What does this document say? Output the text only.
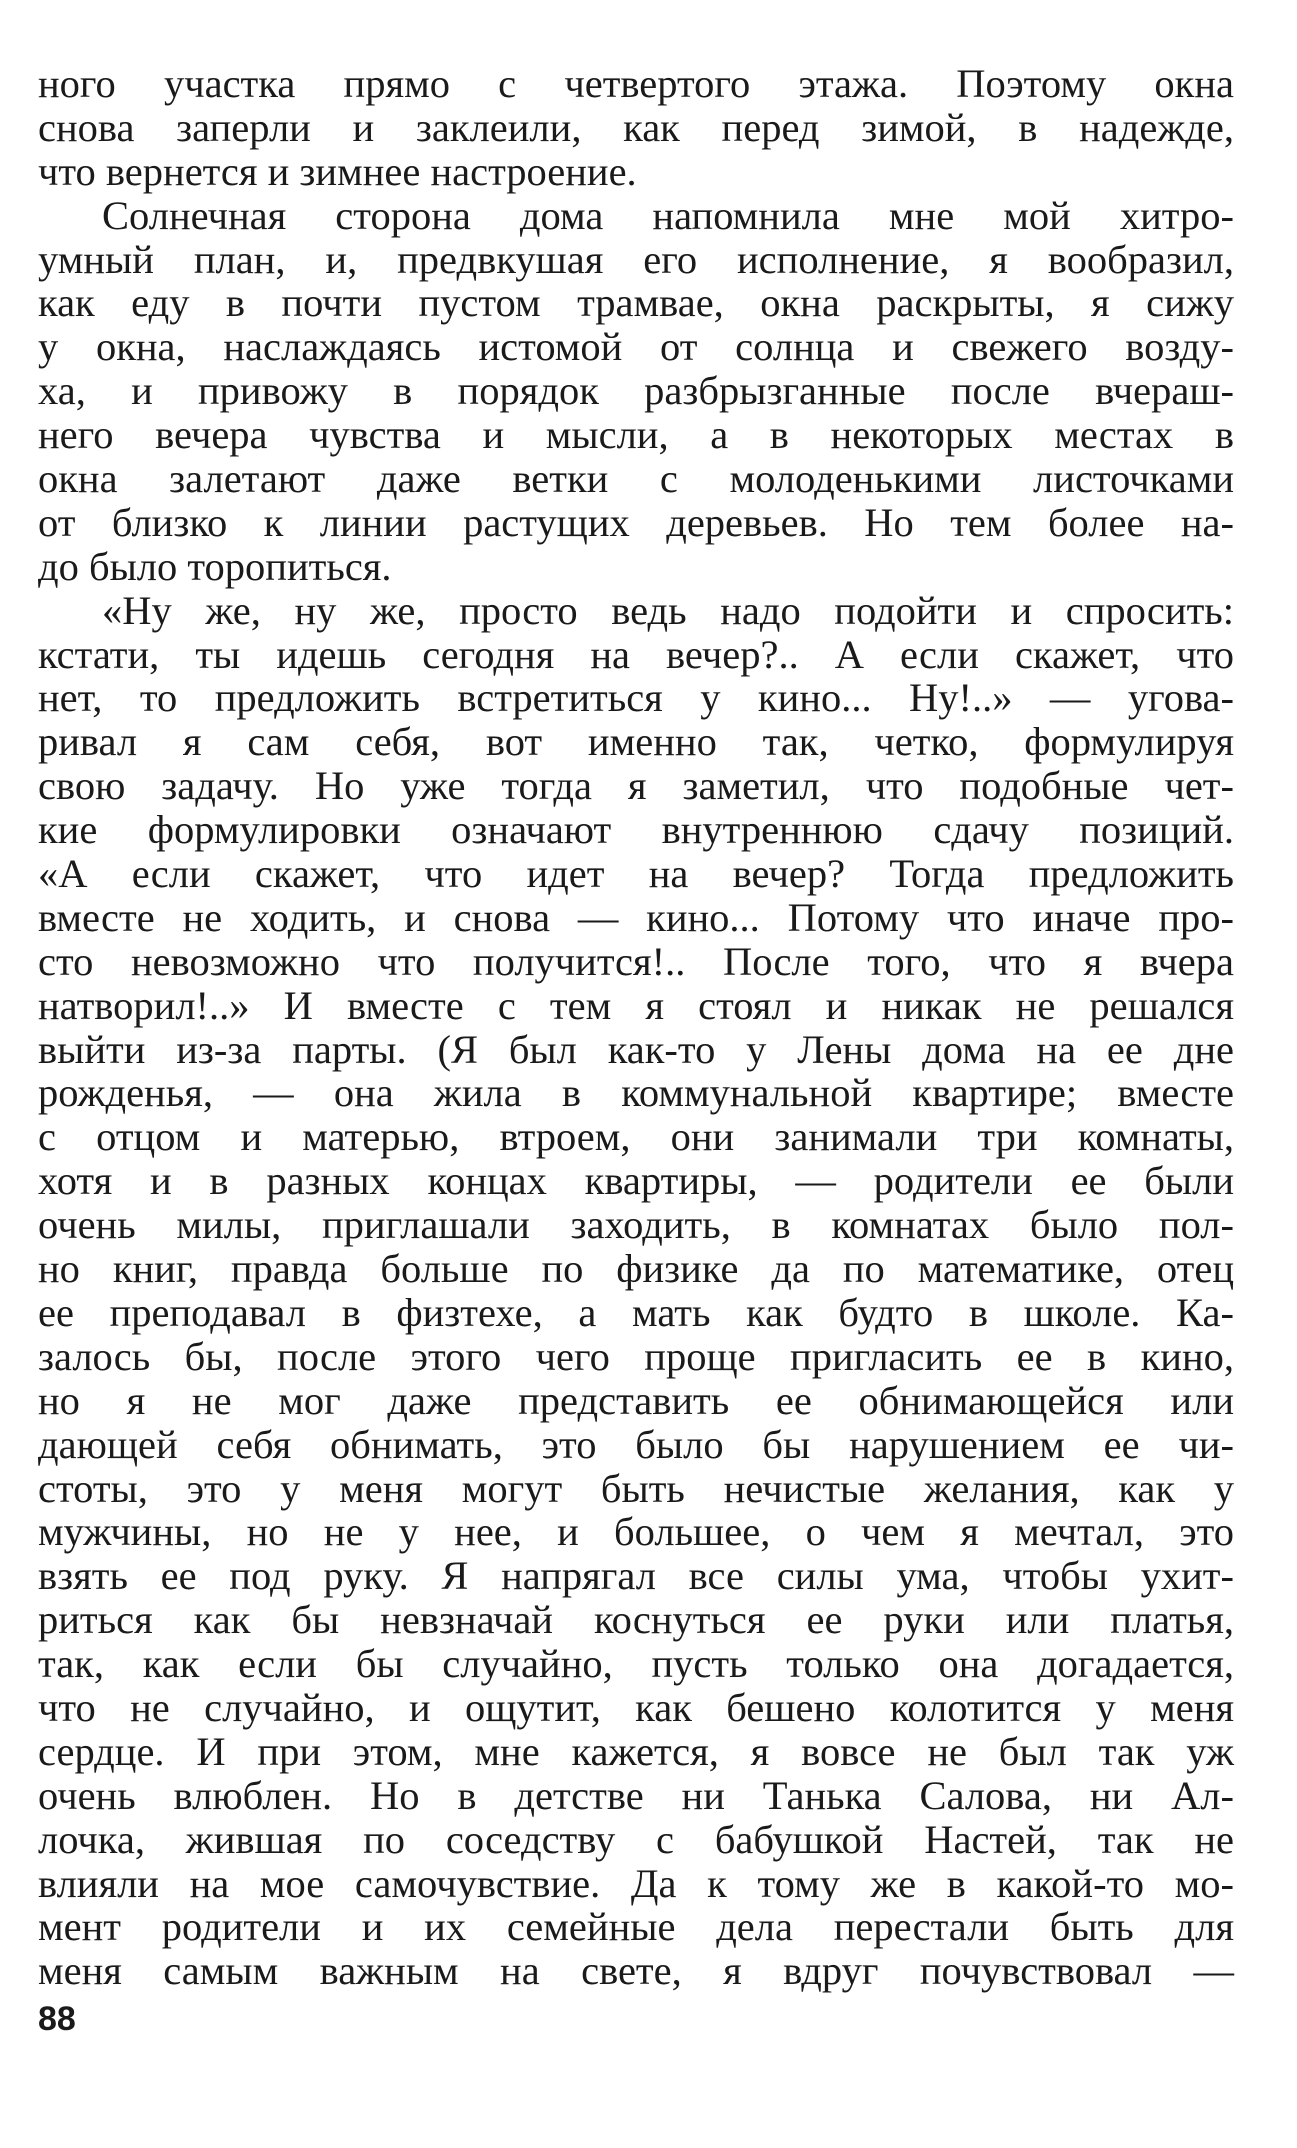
ного участка прямо с четвертого этажа. Поэтому окна
снова заперли и заклеили, как перед зимой, в надежде,
что вернется и зимнее настроение.
Солнечная сторона дома напомнила мне мой хитро-
умный план, и, предвкушая его исполнение, я вообразил,
как еду в почти пустом трамвае, окна раскрыты, я сижу
у окна, наслаждаясь истомой от солнца и свежего возду-
ха, и привожу в порядок разбрызганные после вчераш-
него вечера чувства и мысли, а в некоторых местах в
окна залетают даже ветки с молоденькими листочками
от близко к линии растущих деревьев. Но тем более на-
до было торопиться.
«Ну же, ну же, просто ведь надо подойти и спросить:
кстати, ты идешь сегодня на вечер?.. А если скажет, что
нет, то предложить встретиться у кино... Ну!..» — угова-
ривал я сам себя, вот именно так, четко, формулируя
свою задачу. Но уже тогда я заметил, что подобные чет-
кие формулировки означают внутреннюю сдачу позиций.
«А если скажет, что идет на вечер? Тогда предложить
вместе не ходить, и снова — кино... Потому что иначе про-
сто невозможно что получится!.. После того, что я вчера
натворил!..» И вместе с тем я стоял и никак не решался
выйти из-за парты. (Я был как-то у Лены дома на ее дне
рожденья, — она жила в коммунальной квартире; вместе
с отцом и матерью, втроем, они занимали три комнаты,
хотя и в разных концах квартиры, — родители ее были
очень милы, приглашали заходить, в комнатах было пол-
но книг, правда больше по физике да по математике, отец
ее преподавал в физтехе, а мать как будто в школе. Ка-
залось бы, после этого чего проще пригласить ее в кино,
но я не мог даже представить ее обнимающейся или
дающей себя обнимать, это было бы нарушением ее чи-
стоты, это у меня могут быть нечистые желания, как у
мужчины, но не у нее, и большее, о чем я мечтал, это
взять ее под руку. Я напрягал все силы ума, чтобы ухит-
риться как бы невзначай коснуться ее руки или платья,
так, как если бы случайно, пусть только она догадается,
что не случайно, и ощутит, как бешено колотится у меня
сердце. И при этом, мне кажется, я вовсе не был так уж
очень влюблен. Но в детстве ни Танька Салова, ни Ал-
лочка, жившая по соседству с бабушкой Настей, так не
влияли на мое самочувствие. Да к тому же в какой-то мо-
мент родители и их семейные дела перестали быть для
меня самым важным на свете, я вдруг почувствовал —
88
